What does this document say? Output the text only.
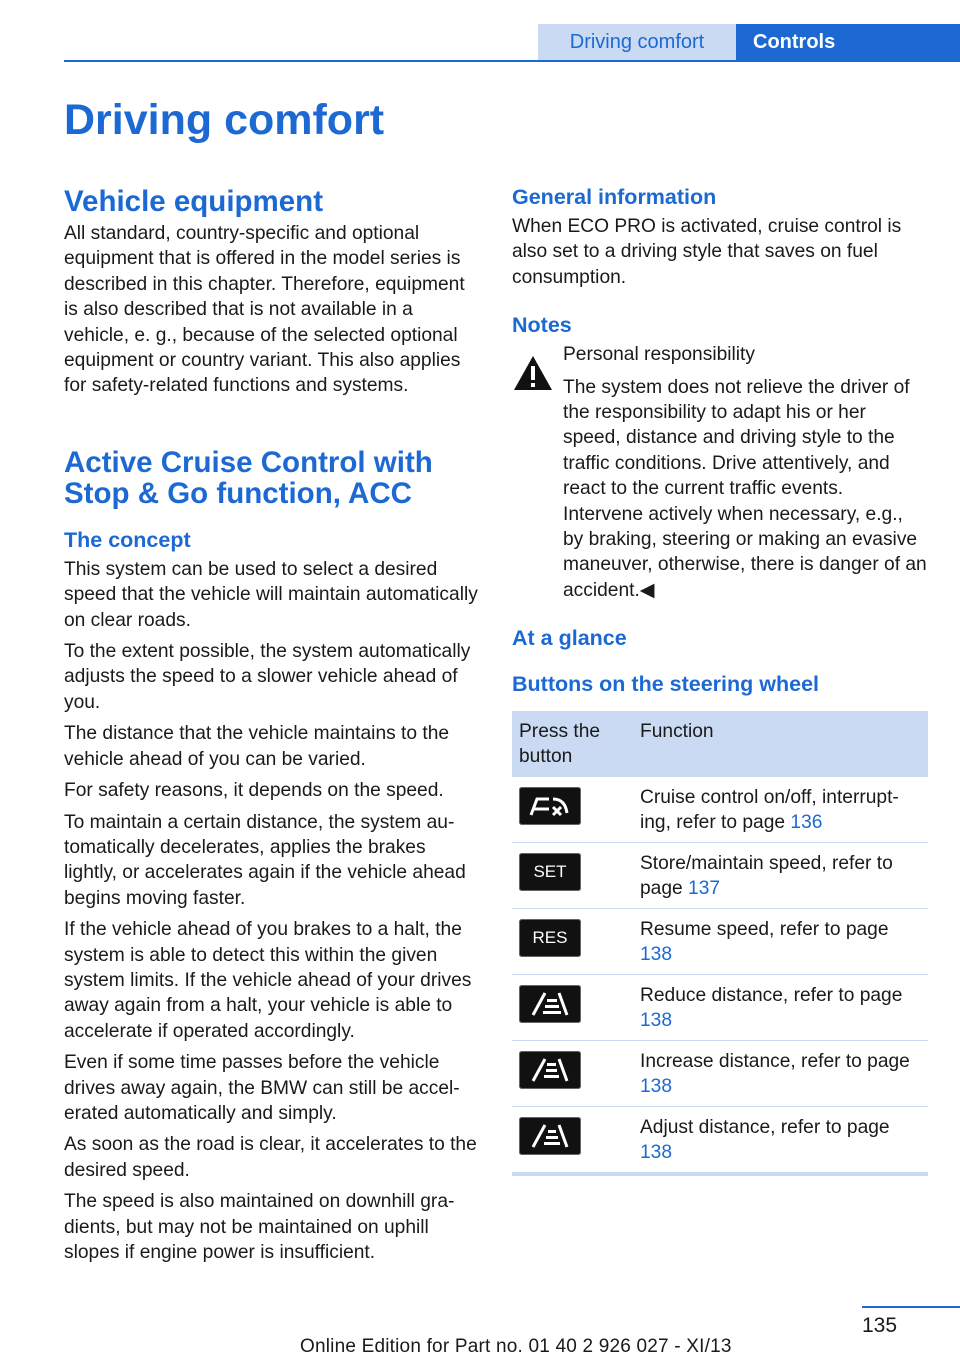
Driving comfort	Controls
Driving comfort
Vehicle equipment

All standard, country-specific and optional equipment that is offered in the model series is described in this chapter. Therefore, equipment is also described that is not available in a vehicle, e. g., because of the selected optional equipment or country variant. This also applies for safety-related functions and systems.

Active Cruise Control with Stop & Go function, ACC
The concept

This system can be used to select a desired speed that the vehicle will maintain automatically on clear roads.

To the extent possible, the system automatically adjusts the speed to a slower vehicle ahead of you.

The distance that the vehicle maintains to the vehicle ahead of you can be varied.

For safety reasons, it depends on the speed.

To maintain a certain distance, the system automatically decelerates, applies the brakes lightly, or accelerates again if the vehicle ahead begins moving faster.

If the vehicle ahead of you brakes to a halt, the system is able to detect this within the given system limits. If the vehicle ahead of your drives away again from a halt, your vehicle is able to accelerate if operated accordingly.

Even if some time passes before the vehicle drives away again, the BMW can still be accelerated automatically and simply.

As soon as the road is clear, it accelerates to the desired speed.

The speed is also maintained on downhill gradients, but may not be maintained on uphill slopes if engine power is insufficient.

General information

When ECO PRO is activated, cruise control is also set to a driving style that saves on fuel consumption.

Notes

Personal responsibility

The system does not relieve the driver of the responsibility to adapt his or her speed, distance and driving style to the traffic conditions. Drive attentively, and react to the current traffic events. Intervene actively when necessary, e.g., by braking, steering or making an evasive maneuver, otherwise, there is danger of an accident.◀

At a glance
Buttons on the steering wheel
Press the button	Function

	Cruise control on/off, interrupting, refer to page 136

SET	Store/maintain speed, refer to page 137

RES	Resume speed, refer to page 138

	Reduce distance, refer to page 138

	Increase distance, refer to page 138

	Adjust distance, refer to page 138
135
Online Edition for Part no. 01 40 2 926 027 - XI/13
